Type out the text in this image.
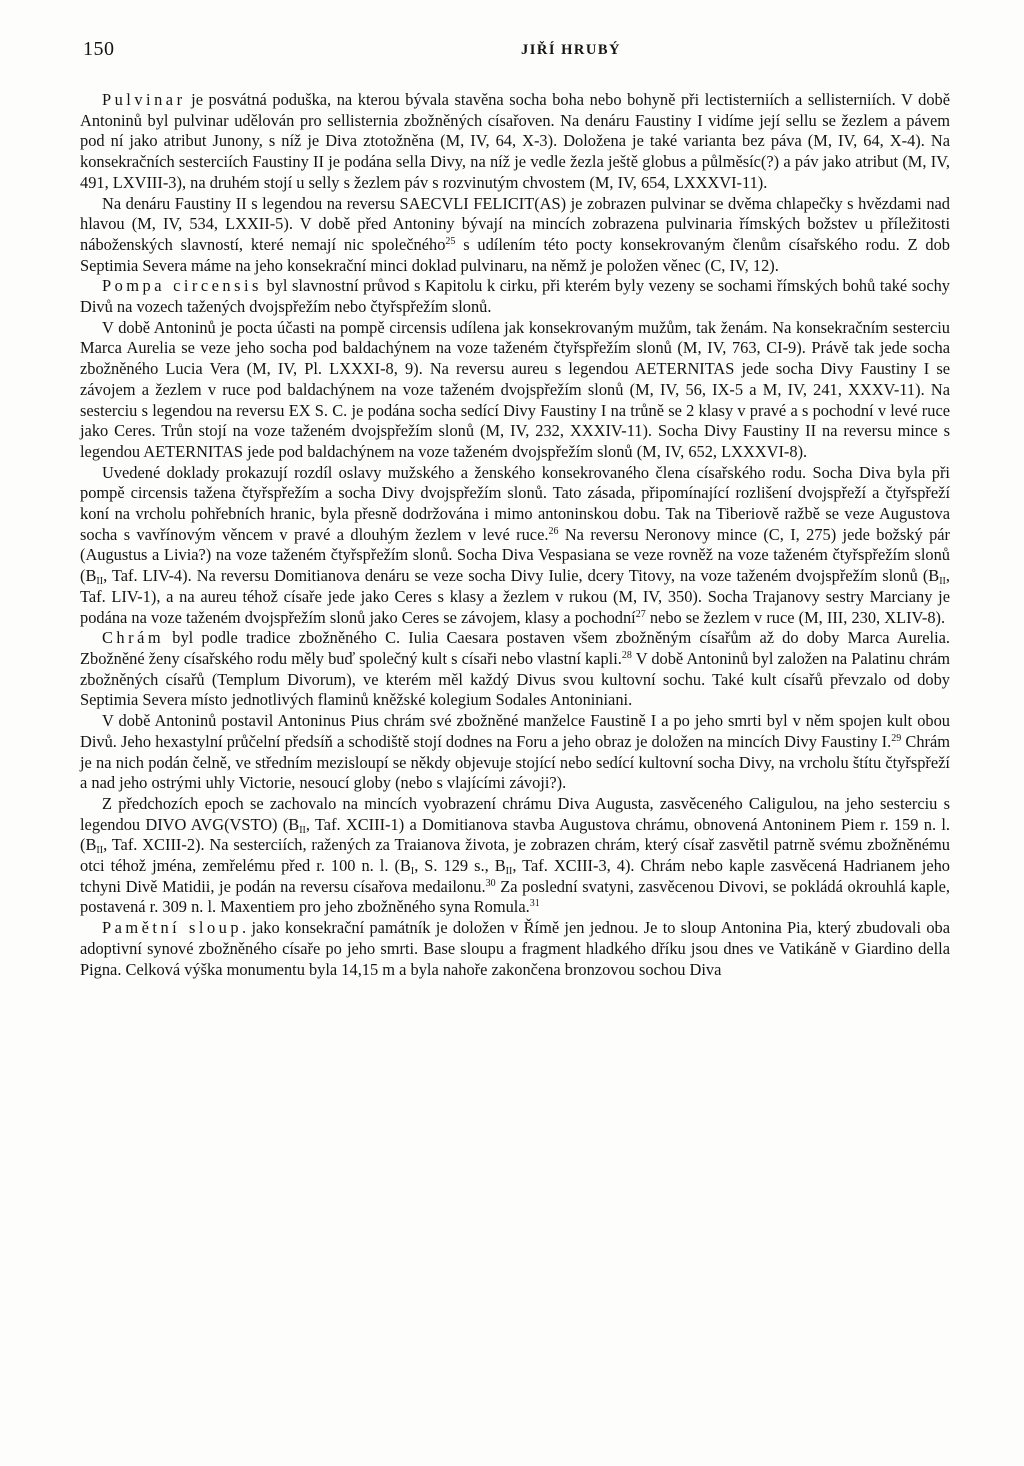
150	JIŘÍ HRUBÝ

Pulvinar je posvátná poduška, na kterou bývala stavěna socha boha nebo bohyně při lectisterniích a sellisterniích. V době Antoninů byl pulvinar udělován pro sellisternia zbožněných císařoven. Na denáru Faustiny I vidíme její sellu se žezlem a pávem pod ní jako atribut Junony, s níž je Diva ztotožněna (M, IV, 64, X-3). Doložena je také varianta bez páva (M, IV, 64, X-4). Na konsekračních sesterciích Faustiny II je podána sella Divy, na níž je vedle žezla ještě globus a půlměsíc(?) a páv jako atribut (M, IV, 491, LXVIII-3), na druhém stojí u selly s žezlem páv s rozvinutým chvostem (M, IV, 654, LXXXVI-11).

Na denáru Faustiny II s legendou na reversu SAECVLI FELICIT(AS) je zobrazen pulvinar se dvěma chlapečky s hvězdami nad hlavou (M, IV, 534, LXXII-5). V době před Antoniny bývají na mincích zobrazena pulvinaria římských božstev u příležitosti náboženských slavností, které nemají nic společného$^{25}$ s udílením této pocty konsekrovaným členům císařského rodu. Z dob Septimia Severa máme na jeho konsekrační minci doklad pulvinaru, na němž je položen věnec (C, IV, 12).

Pompa circensis byl slavnostní průvod s Kapitolu k cirku, při kterém byly vezeny se sochami římských bohů také sochy Divů na vozech tažených dvojspřežím nebo čtyřspřežím slonů.

V době Antoninů je pocta účasti na pompě circensis udílena jak konsekrovaným mužům, tak ženám. Na konsekračním sesterciu Marca Aurelia se veze jeho socha pod baldachýnem na voze taženém čtyřspřežím slonů (M, IV, 763, CI-9). Právě tak jede socha zbožněného Lucia Vera (M, IV, Pl. LXXXI-8, 9). Na reversu aureu s legendou AETERNITAS jede socha Divy Faustiny I se závojem a žezlem v ruce pod baldachýnem na voze taženém dvojspřežím slonů (M, IV, 56, IX-5 a M, IV, 241, XXXV-11). Na sesterciu s legendou na reversu EX S. C. je podána socha sedící Divy Faustiny I na trůně se 2 klasy v pravé a s pochodní v levé ruce jako Ceres. Trůn stojí na voze taženém dvojspřežím slonů (M, IV, 232, XXXIV-11). Socha Divy Faustiny II na reversu mince s legendou AETERNITAS jede pod baldachýnem na voze taženém dvojspřežím slonů (M, IV, 652, LXXXVI-8).

Uvedené doklady prokazují rozdíl oslavy mužského a ženského konsekrovaného člena císařského rodu. Socha Diva byla při pompě circensis tažena čtyřspřežím a socha Divy dvojspřežím slonů. Tato zásada, připomínající rozlišení dvojspřeží a čtyřspřeží koní na vrcholu pohřebních hranic, byla přesně dodržována i mimo antoninskou dobu. Tak na Tiberiově ražbě se veze Augustova socha s vavřínovým věncem v pravé a dlouhým žezlem v levé ruce.$^{26}$ Na reversu Neronovy mince (C, I, 275) jede božský pár (Augustus a Livia?) na voze taženém čtyřspřežím slonů. Socha Diva Vespasiana se veze rovněž na voze taženém čtyřspřežím slonů ($B_{II}$, Taf. LIV-4). Na reversu Domitianova denáru se veze socha Divy Iulie, dcery Titovy, na voze taženém dvojspřežím slonů ($B_{II}$, Taf. LIV-1), a na aureu téhož císaře jede jako Ceres s klasy a žezlem v rukou (M, IV, 350). Socha Trajanovy sestry Marciany je podána na voze taženém dvojspřežím slonů jako Ceres se závojem, klasy a pochodní$^{27}$ nebo se žezlem v ruce (M, III, 230, XLIV-8).

Chrám byl podle tradice zbožněného C. Iulia Caesara postaven všem zbožněným císařům až do doby Marca Aurelia. Zbožněné ženy císařského rodu měly buď společný kult s císaři nebo vlastní kapli.$^{28}$ V době Antoninů byl založen na Palatinu chrám zbožněných císařů (Templum Divorum), ve kterém měl každý Divus svou kultovní sochu. Také kult císařů převzalo od doby Septimia Severa místo jednotlivých flaminů kněžské kolegium Sodales Antoniniani.

V době Antoninů postavil Antoninus Pius chrám své zbožněné manželce Faustině I a po jeho smrti byl v něm spojen kult obou Divů. Jeho hexastylní průčelní předsíň a schodiště stojí dodnes na Foru a jeho obraz je doložen na mincích Divy Faustiny I.$^{29}$ Chrám je na nich podán čelně, ve středním mezisloupí se někdy objevuje stojící nebo sedící kultovní socha Divy, na vrcholu štítu čtyřspřeží a nad jeho ostrými uhly Victorie, nesoucí globy (nebo s vlajícími závoji?).

Z předchozích epoch se zachovalo na mincích vyobrazení chrámu Diva Augusta, zasvěceného Caligulou, na jeho sesterciu s legendou DIVO AVG(VSTO) ($B_{II}$, Taf. XCIII-1) a Domitianova stavba Augustova chrámu, obnovená Antoninem Piem r. 159 n. l. ($B_{II}$, Taf. XCIII-2). Na sesterciích, ražených za Traianova života, je zobrazen chrám, který císař zasvětil patrně svému zbožněnému otci téhož jména, zemřelému před r. 100 n. l. ($B_I$, S. 129 s., $B_{II}$, Taf. XCIII-3, 4). Chrám nebo kaple zasvěcená Hadrianem jeho tchyni Divě Matidii, je podán na reversu císařova medailonu.$^{30}$ Za poslední svatyni, zasvěcenou Divovi, se pokládá okrouhlá kaple, postavená r. 309 n. l. Maxentiem pro jeho zbožněného syna Romula.$^{31}$

Pamětní sloup. jako konsekrační památník je doložen v Římě jen jednou. Je to sloup Antonina Pia, který zbudovali oba adoptivní synové zbožněného císaře po jeho smrti. Base sloupu a fragment hladkého dříku jsou dnes ve Vatikáně v Giardino della Pigna. Celková výška monumentu byla 14,15 m a byla nahoře zakončena bronzovou sochou Diva
